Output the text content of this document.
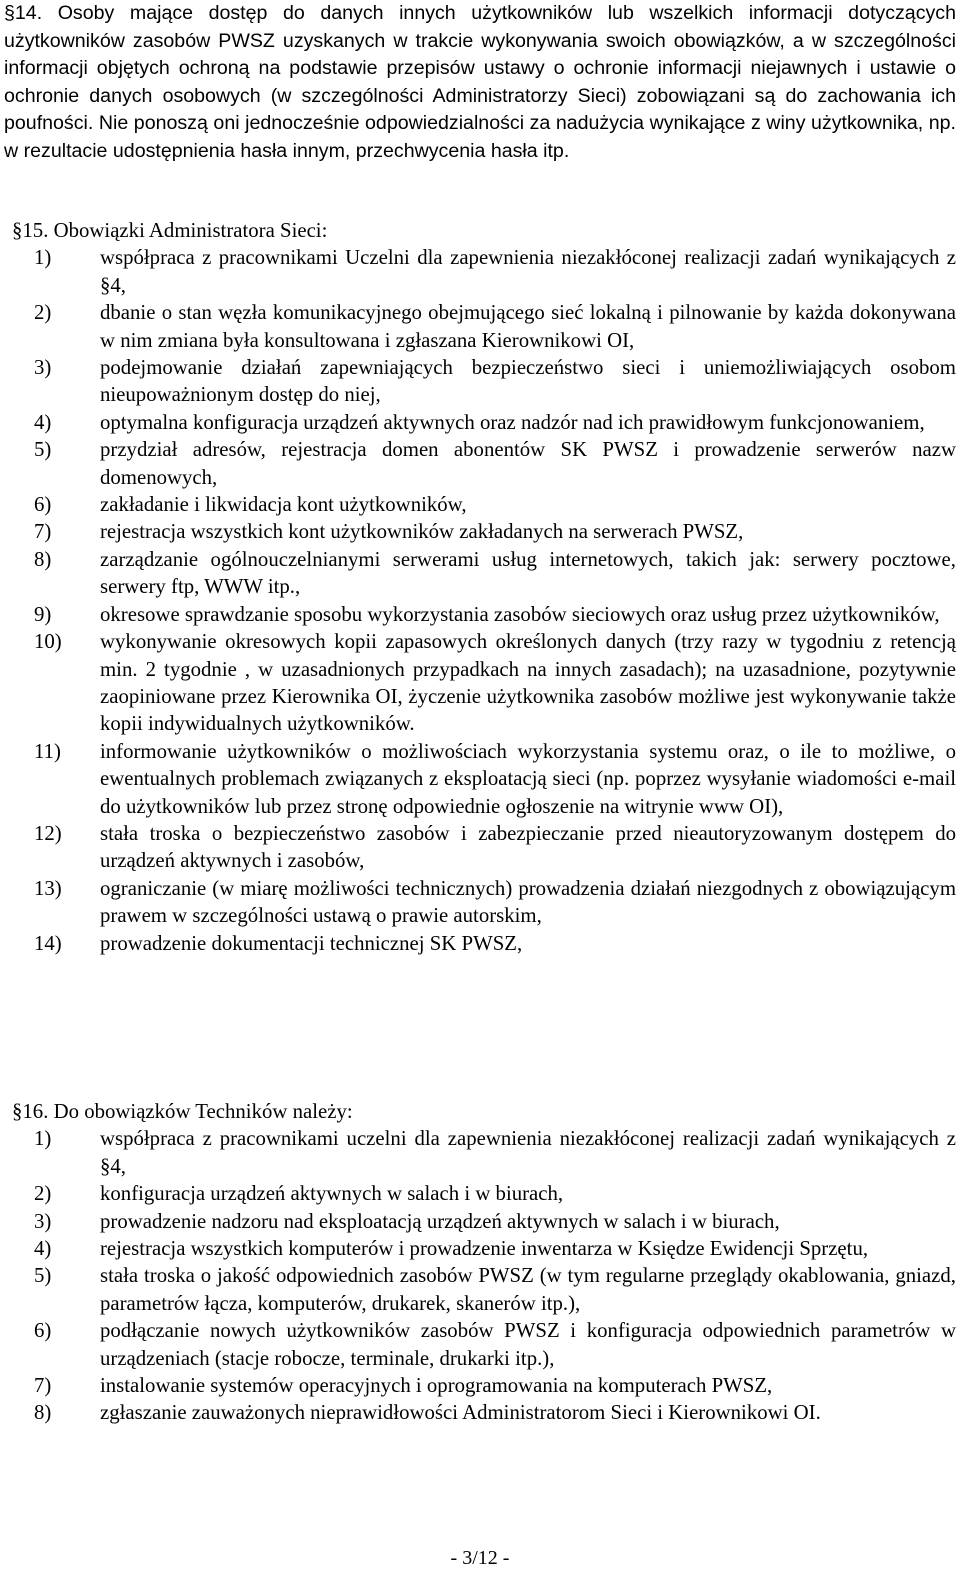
§14. Osoby mające dostęp do danych innych użytkowników lub wszelkich informacji dotyczących użytkowników zasobów PWSZ uzyskanych w trakcie wykonywania swoich obowiązków, a w szczególności informacji objętych ochroną na podstawie przepisów ustawy o ochronie informacji niejawnych i ustawie o ochronie danych osobowych (w szczególności Administratorzy Sieci) zobowiązani są do zachowania ich poufności. Nie ponoszą oni jednocześnie odpowiedzialności za nadużycia wynikające z winy użytkownika, np. w rezultacie udostępnienia hasła innym, przechwycenia hasła itp.

§15. Obowiązki Administratora Sieci:

1) współpraca z pracownikami Uczelni dla zapewnienia niezakłóconej realizacji zadań wynikających z §4,
2) dbanie o stan węzła komunikacyjnego obejmującego sieć lokalną i pilnowanie by każda dokonywana w nim zmiana była konsultowana i zgłaszana Kierownikowi OI,
3) podejmowanie działań zapewniających bezpieczeństwo sieci i uniemożliwiających osobom nieupoważnionym dostęp do niej,
4) optymalna konfiguracja urządzeń aktywnych oraz nadzór nad ich prawidłowym funkcjonowaniem,
5) przydział adresów, rejestracja domen abonentów SK PWSZ i prowadzenie serwerów nazw domenowych,
6) zakładanie i likwidacja kont użytkowników,
7) rejestracja wszystkich kont użytkowników zakładanych na serwerach PWSZ,
8) zarządzanie ogólnouczelnianymi serwerami usług internetowych, takich jak: serwery pocztowe, serwery ftp, WWW itp.,
9) okresowe sprawdzanie sposobu wykorzystania zasobów sieciowych oraz usług przez użytkowników,
10) wykonywanie okresowych kopii zapasowych określonych danych (trzy razy w tygodniu z retencją min. 2 tygodnie , w uzasadnionych przypadkach na innych zasadach); na uzasadnione, pozytywnie zaopiniowane przez Kierownika OI, życzenie użytkownika zasobów możliwe jest wykonywanie także kopii indywidualnych użytkowników.
11) informowanie użytkowników o możliwościach wykorzystania systemu oraz, o ile to możliwe, o ewentualnych problemach związanych z eksploatacją sieci (np. poprzez wysyłanie wiadomości e-mail do użytkowników lub przez stronę odpowiednie ogłoszenie na witrynie www OI),
12) stała troska o bezpieczeństwo zasobów i zabezpieczanie przed nieautoryzowanym dostępem do urządzeń aktywnych i zasobów,
13) ograniczanie (w miarę możliwości technicznych) prowadzenia działań niezgodnych z obowiązującym prawem w szczególności ustawą o prawie autorskim,
14) prowadzenie dokumentacji technicznej SK PWSZ,

§16. Do obowiązków Techników należy:

1) współpraca z pracownikami uczelni dla zapewnienia niezakłóconej realizacji zadań wynikających z §4,
2) konfiguracja urządzeń aktywnych w salach i w biurach,
3) prowadzenie nadzoru nad eksploatacją urządzeń aktywnych w salach i w biurach,
4) rejestracja wszystkich komputerów i prowadzenie inwentarza w Księdze Ewidencji Sprzętu,
5) stała troska o jakość odpowiednich zasobów PWSZ (w tym regularne przeglądy okablowania, gniazd, parametrów łącza, komputerów, drukarek, skanerów itp.),
6) podłączanie nowych użytkowników zasobów PWSZ i konfiguracja odpowiednich parametrów w urządzeniach (stacje robocze, terminale, drukarki itp.),
7) instalowanie systemów operacyjnych i oprogramowania na komputerach PWSZ,
8) zgłaszanie zauważonych nieprawidłowości Administratorom Sieci i Kierownikowi OI.
- 3/12 -
